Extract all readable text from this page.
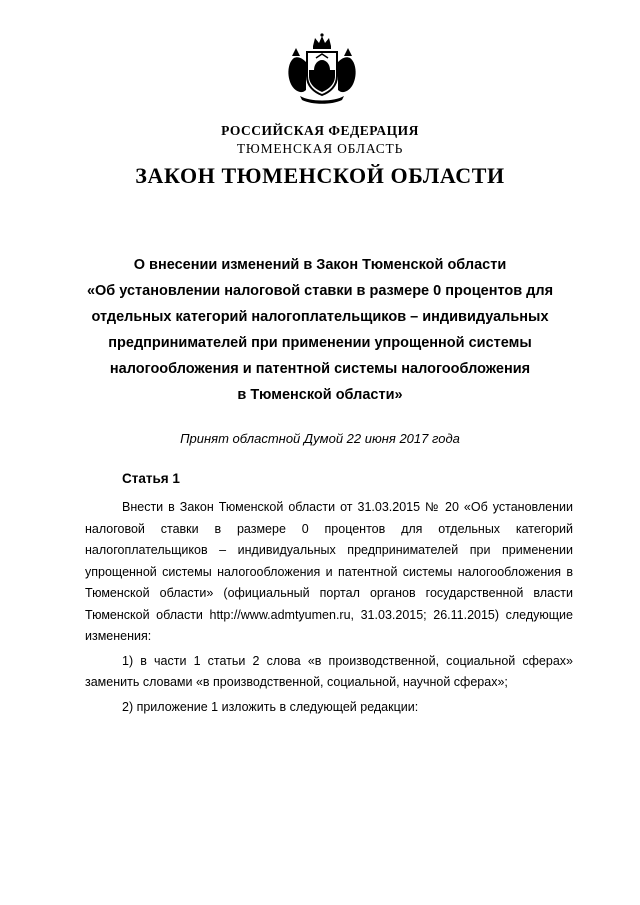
РОССИЙСКАЯ ФЕДЕРАЦИЯ
ТЮМЕНСКАЯ ОБЛАСТЬ
ЗАКОН ТЮМЕНСКОЙ ОБЛАСТИ
О внесении изменений в Закон Тюменской области
«Об установлении налоговой ставки в размере 0 процентов для
отдельных категорий налогоплательщиков – индивидуальных
предпринимателей при применении упрощенной системы
налогообложения и патентной системы налогообложения
в Тюменской области»
Принят областной Думой 22 июня 2017 года
Статья 1

Внести в Закон Тюменской области от 31.03.2015 № 20 «Об установлении налоговой ставки в размере 0 процентов для отдельных категорий налогоплательщиков – индивидуальных предпринимателей при применении упрощенной системы налогообложения и патентной системы налогообложения в Тюменской области» (официальный портал органов государственной власти Тюменской области http://www.admtyumen.ru, 31.03.2015; 26.11.2015) следующие изменения:

1) в части 1 статьи 2 слова «в производственной, социальной сферах» заменить словами «в производственной, социальной, научной сферах»;

2) приложение 1 изложить в следующей редакции:
